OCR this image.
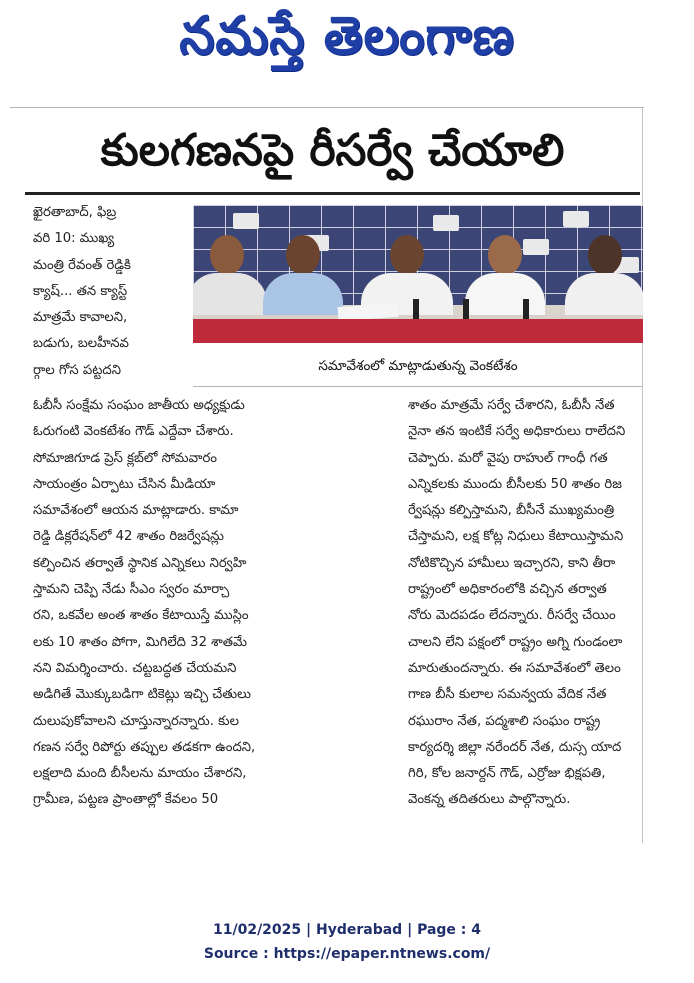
నమస్తే తెలంగాణ
కులగణనపై రీసర్వే చేయాలి

ఖైరతాబాద్, ఫిబ్ర

వరి 10: ముఖ్య

మంత్రి రేవంత్ రెడ్డికి

క్యాష్... తన క్యాస్ట్

మాత్రమే కావాలని,

బడుగు, బలహీనవ

ర్గాల గోస పట్టదని	సమావేశంలో మాట్లాడుతున్న వెంకటేశం

ఓబీసీ సంక్షేమ సంఘం జాతీయ అధ్యక్షుడు

ఓరుగంటి వెంకటేశం గౌడ్ ఎద్దేవా చేశారు.

సోమాజిగూడ ప్రెస్ క్లబ్‌లో సోమవారం

సాయంత్రం ఏర్పాటు చేసిన మీడియా

సమావేశంలో ఆయన మాట్లాడారు. కామా

రెడ్డి డిక్లరేషన్‌లో 42 శాతం రిజర్వేషన్లు

కల్పించిన తర్వాతే స్థానిక ఎన్నికలు నిర్వహి

స్తామని చెప్పి నేడు సీఎం స్వరం మార్చా

రని, ఒకవేల అంత శాతం కేటాయిస్తే ముస్లిం

లకు 10 శాతం పోగా, మిగిలేది 32 శాతమే

నని విమర్శించారు. చట్టబద్ధత చేయమని

అడిగితే మొక్కుబడిగా టికెట్లు ఇచ్చి చేతులు

దులుపుకోవాలని చూస్తున్నారన్నారు. కుల

గణన సర్వే రిపోర్టు తప్పుల తడకగా ఉందని,

లక్షలాది మంది బీసీలను మాయం చేశారని,

గ్రామీణ, పట్టణ ప్రాంతాల్లో కేవలం 50

శాతం మాత్రమే సర్వే చేశారని, ఓబీసీ నేత

నైనా తన ఇంటికే సర్వే అధికారులు రాలేదని

చెప్పారు. మరో వైపు రాహుల్ గాంధీ గత

ఎన్నికలకు ముందు బీసీలకు 50 శాతం రిజ

ర్వేషన్లు కల్పిస్తామని, బీసీనే ముఖ్యమంత్రి

చేస్తామని, లక్ష కోట్ల నిధులు కేటాయిస్తామని

నోటికొచ్చిన హామీలు ఇచ్చారని, కాని తీరా

రాష్ట్రంలో అధికారంలోకి వచ్చిన తర్వాత

నోరు మెదపడం లేదన్నారు. రీసర్వే చేయిం

చాలని లేని పక్షంలో రాష్ట్రం అగ్ని గుండంలా

మారుతుందన్నారు. ఈ సమావేశంలో తెలం

గాణ బీసీ కులాల సమన్వయ వేదిక నేత

రఘురాం నేత, పద్మశాలి సంఘం రాష్ట్ర

కార్యదర్శి జిల్లా నరేందర్ నేత, దుస్స యాద

గిరి, కోల జనార్దన్ గౌడ్, ఎర్రోజు భిక్షపతి,

వెంకన్న తదితరులు పాల్గొన్నారు.

11/02/2025 | Hyderabad | Page : 4

Source : https://epaper.ntnews.com/
